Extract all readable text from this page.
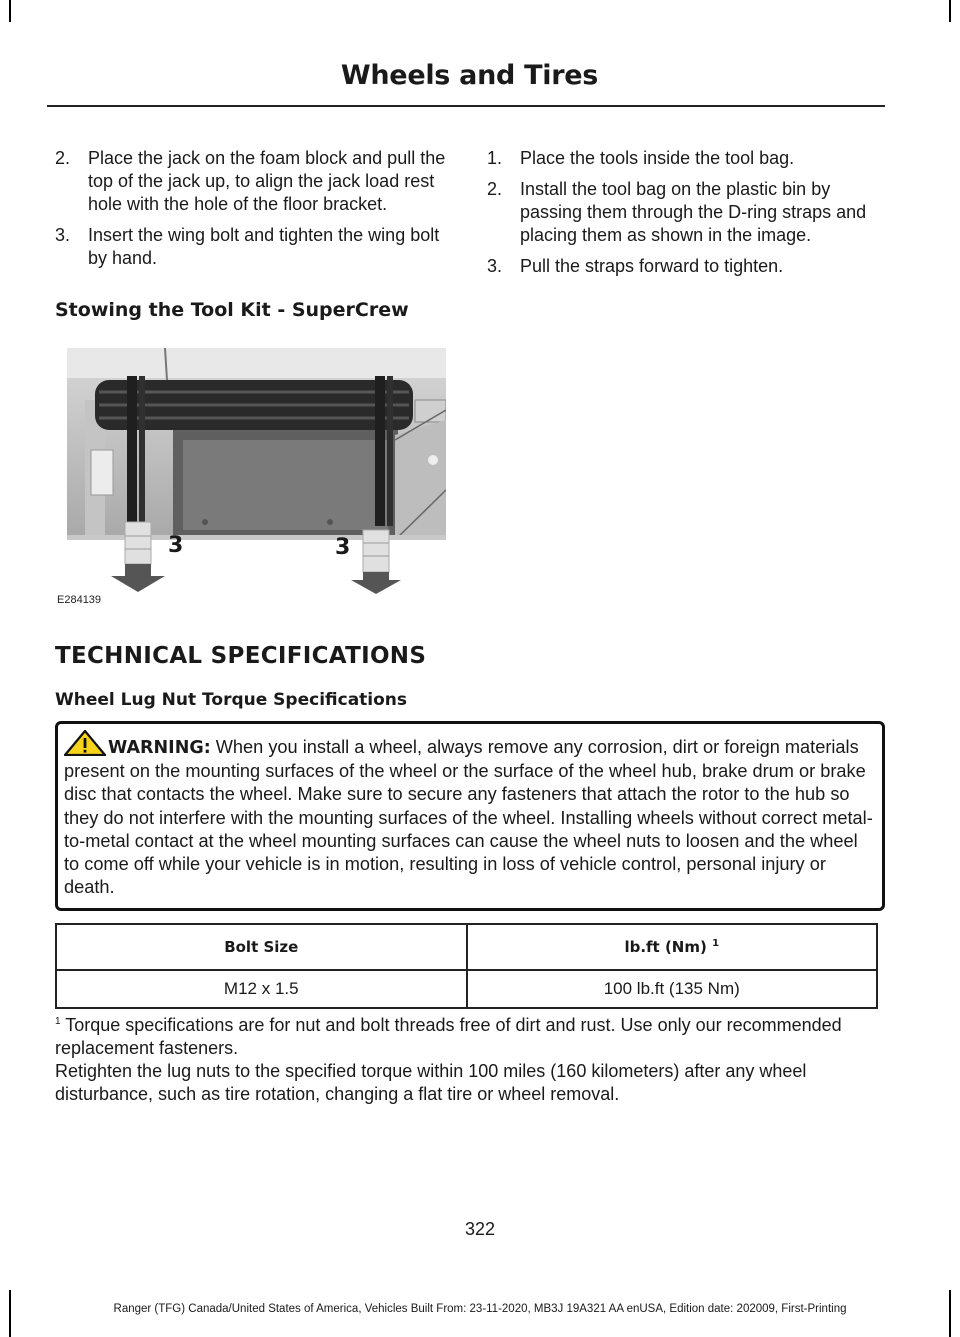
Wheels and Tires
2. Place the jack on the foam block and pull the top of the jack up, to align the jack load rest hole with the hole of the floor bracket.
3. Insert the wing bolt and tighten the wing bolt by hand.
Stowing the Tool Kit - SuperCrew
3	3
E284139
1. Place the tools inside the tool bag.
2. Install the tool bag on the plastic bin by passing them through the D-ring straps and placing them as shown in the image.
3. Pull the straps forward to tighten.
TECHNICAL SPECIFICATIONS
Wheel Lug Nut Torque Specifications
WARNING: When you install a wheel, always remove any corrosion, dirt or foreign materials present on the mounting surfaces of the wheel or the surface of the wheel hub, brake drum or brake disc that contacts the wheel. Make sure to secure any fasteners that attach the rotor to the hub so they do not interfere with the mounting surfaces of the wheel. Installing wheels without correct metal-to-metal contact at the wheel mounting surfaces can cause the wheel nuts to loosen and the wheel to come off while your vehicle is in motion, resulting in loss of vehicle control, personal injury or death.
Bolt Size	lb.ft (Nm) $^1$
M12 x 1.5	100 lb.ft (135 Nm)
$^1$ Torque specifications are for nut and bolt threads free of dirt and rust. Use only our recommended replacement fasteners.
Retighten the lug nuts to the specified torque within 100 miles (160 kilometers) after any wheel disturbance, such as tire rotation, changing a flat tire or wheel removal.
322
Ranger (TFG) Canada/United States of America, Vehicles Built From: 23-11-2020, MB3J 19A321 AA enUSA, Edition date: 202009, First-Printing
